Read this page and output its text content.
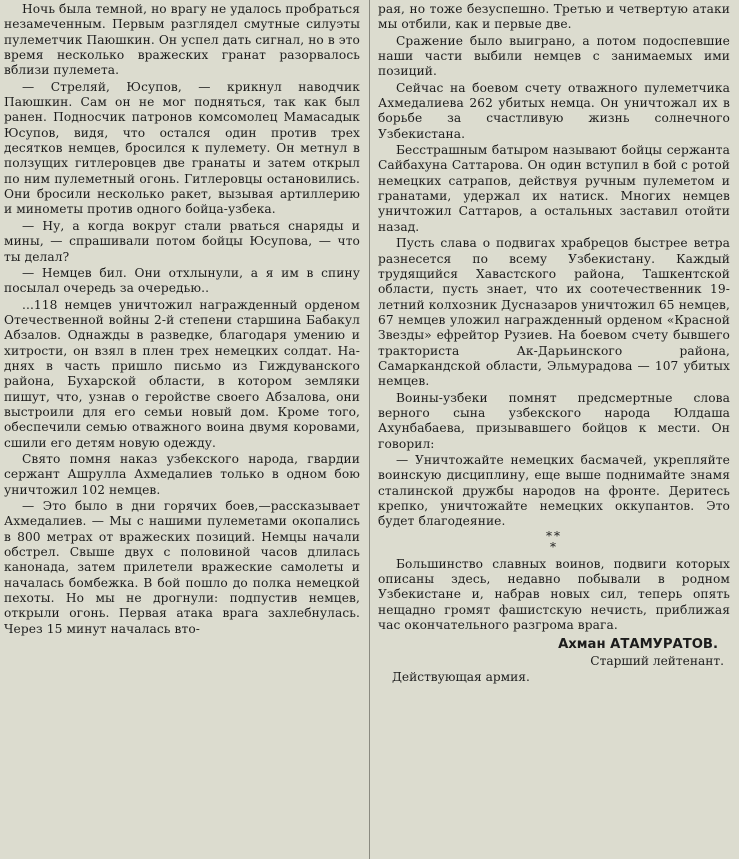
Ночь была темной, но врагу не удалось пробраться незамеченным. Первым разглядел смутные силуэты пулеметчик Паюшкин. Он успел дать сигнал, но в это время несколько вражеских гранат разорвалось вблизи пулемета.

— Стреляй, Юсупов, — крикнул наводчик Паюшкин. Сам он не мог подняться, так как был ранен. Подносчик патронов комсомолец Мамасадык Юсупов, видя, что остался один против трех десятков немцев, бросился к пулемету. Он метнул в ползущих гитлеровцев две гранаты и затем открыл по ним пулеметный огонь. Гитлеровцы остановились. Они бросили несколько ракет, вызывая артиллерию и минометы против одного бойца-узбека.

— Ну, а когда вокруг стали рваться снаряды и мины, — спрашивали потом бойцы Юсупова, — что ты делал?

— Немцев бил. Они отхлынули, а я им в спину посылал очередь за очередью..

...118 немцев уничтожил награжденный орденом Отечественной войны 2-й степени старшина Бабакул Абзалов. Однажды в разведке, благодаря умению и хитрости, он взял в плен трех немецких солдат. На-днях в часть пришло письмо из Гиждуванского района, Бухарской области, в котором земляки пишут, что, узнав о геройстве своего Абзалова, они выстроили для его семьи новый дом. Кроме того, обеспечили семью отважного воина двумя коровами, сшили его детям новую одежду.

Свято помня наказ узбекского народа, гвардии сержант Ашрулла Ахмедалиев только в одном бою уничтожил 102 немцев.

— Это было в дни горячих боев,—рассказывает Ахмедалиев. — Мы с нашими пулеметами окопались в 800 метрах от вражеских позиций. Немцы начали обстрел. Свыше двух с половиной часов длилась канонада, затем прилетели вражеские самолеты и началась бомбежка. В бой пошло до полка немецкой пехоты. Но мы не дрогнули: подпустив немцев, открыли огонь. Первая атака врага захлебнулась. Через 15 минут началась вто-

рая, но тоже безуспешно. Третью и четвертую атаки мы отбили, как и первые две.

Сражение было выиграно, а потом подоспевшие наши части выбили немцев с занимаемых ими позиций.

Сейчас на боевом счету отважного пулеметчика Ахмедалиева 262 убитых немца. Он уничтожал их в борьбе за счастливую жизнь солнечного Узбекистана.

Бесстрашным батыром называют бойцы сержанта Сайбахуна Саттарова. Он один вступил в бой с ротой немецких сатрапов, действуя ручным пулеметом и гранатами, удержал их натиск. Многих немцев уничтожил Саттаров, а остальных заставил отойти назад.

Пусть слава о подвигах храбрецов быстрее ветра разнесется по всему Узбекистану. Каждый трудящийся Хавастского района, Ташкентской области, пусть знает, что их соотечественник 19-летний колхозник Дусназаров уничтожил 65 немцев, 67 немцев уложил награжденный орденом «Красной Звезды» ефрейтор Рузиев. На боевом счету бывшего тракториста Ак-Дарьинского района, Самаркандской области, Эльмурадова — 107 убитых немцев.

Воины-узбеки помнят предсмертные слова верного сына узбекского народа Юлдаша Ахунбабаева, призывавшего бойцов к мести. Он говорил:

— Уничтожайте немецких басмачей, укрепляйте воинскую дисциплину, еще выше поднимайте знамя сталинской дружбы народов на фронте. Деритесь крепко, уничтожайте немецких оккупантов. Это будет благодеяние.

**
*

Большинство славных воинов, подвиги которых описаны здесь, недавно побывали в родном Узбекистане и, набрав новых сил, теперь опять нещадно громят фашистскую нечисть, приближая час окончательного разгрома врага.

Ахман АТАМУРАТОВ.
Старший лейтенант.
Действующая армия.
